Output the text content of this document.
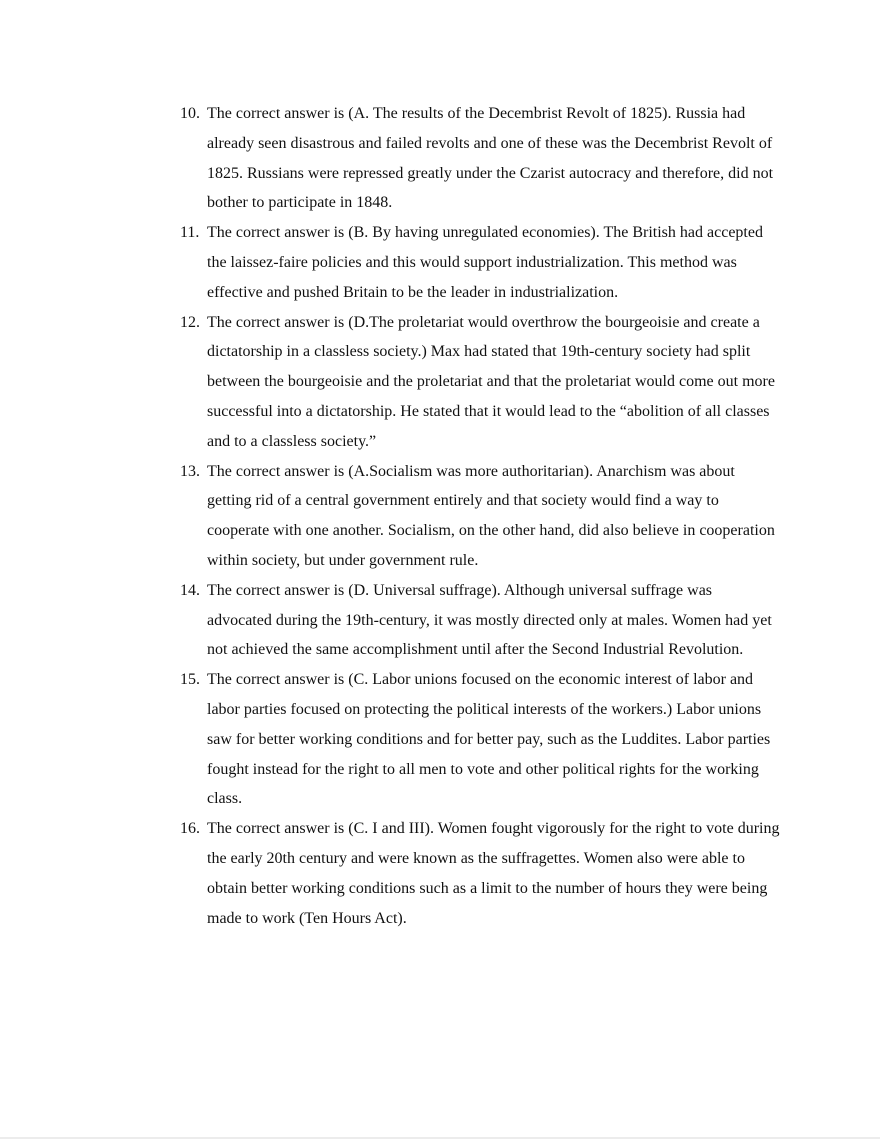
10. The correct answer is (A. The results of the Decembrist Revolt of 1825). Russia had already seen disastrous and failed revolts and one of these was the Decembrist Revolt of 1825. Russians were repressed greatly under the Czarist autocracy and therefore, did not bother to participate in 1848.
11. The correct answer is (B. By having unregulated economies). The British had accepted the laissez-faire policies and this would support industrialization. This method was effective and pushed Britain to be the leader in industrialization.
12. The correct answer is (D.The proletariat would overthrow the bourgeoisie and create a dictatorship in a classless society.) Max had stated that 19th-century society had split between the bourgeoisie and the proletariat and that the proletariat would come out more successful into a dictatorship. He stated that it would lead to the “abolition of all classes and to a classless society.”
13. The correct answer is (A.Socialism was more authoritarian). Anarchism was about getting rid of a central government entirely and that society would find a way to cooperate with one another. Socialism, on the other hand, did also believe in cooperation within society, but under government rule.
14. The correct answer is (D. Universal suffrage). Although universal suffrage was advocated during the 19th-century, it was mostly directed only at males. Women had yet not achieved the same accomplishment until after the Second Industrial Revolution.
15. The correct answer is (C. Labor unions focused on the economic interest of labor and labor parties focused on protecting the political interests of the workers.) Labor unions saw for better working conditions and for better pay, such as the Luddites. Labor parties fought instead for the right to all men to vote and other political rights for the working class.
16. The correct answer is (C. I and III). Women fought vigorously for the right to vote during the early 20th century and were known as the suffragettes. Women also were able to obtain better working conditions such as a limit to the number of hours they were being made to work (Ten Hours Act).
